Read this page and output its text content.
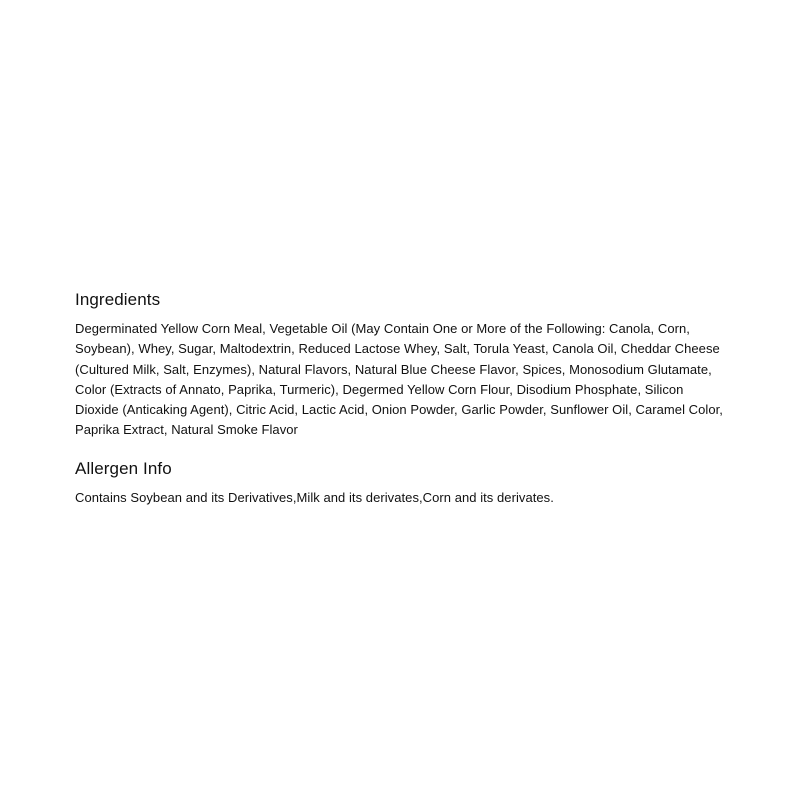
Ingredients

Degerminated Yellow Corn Meal, Vegetable Oil (May Contain One or More of the Following: Canola, Corn, Soybean), Whey, Sugar, Maltodextrin, Reduced Lactose Whey, Salt, Torula Yeast, Canola Oil, Cheddar Cheese (Cultured Milk, Salt, Enzymes), Natural Flavors, Natural Blue Cheese Flavor, Spices, Monosodium Glutamate, Color (Extracts of Annato, Paprika, Turmeric), Degermed Yellow Corn Flour, Disodium Phosphate, Silicon Dioxide (Anticaking Agent), Citric Acid, Lactic Acid, Onion Powder, Garlic Powder, Sunflower Oil, Caramel Color, Paprika Extract, Natural Smoke Flavor

Allergen Info

Contains Soybean and its Derivatives,Milk and its derivates,Corn and its derivates.
